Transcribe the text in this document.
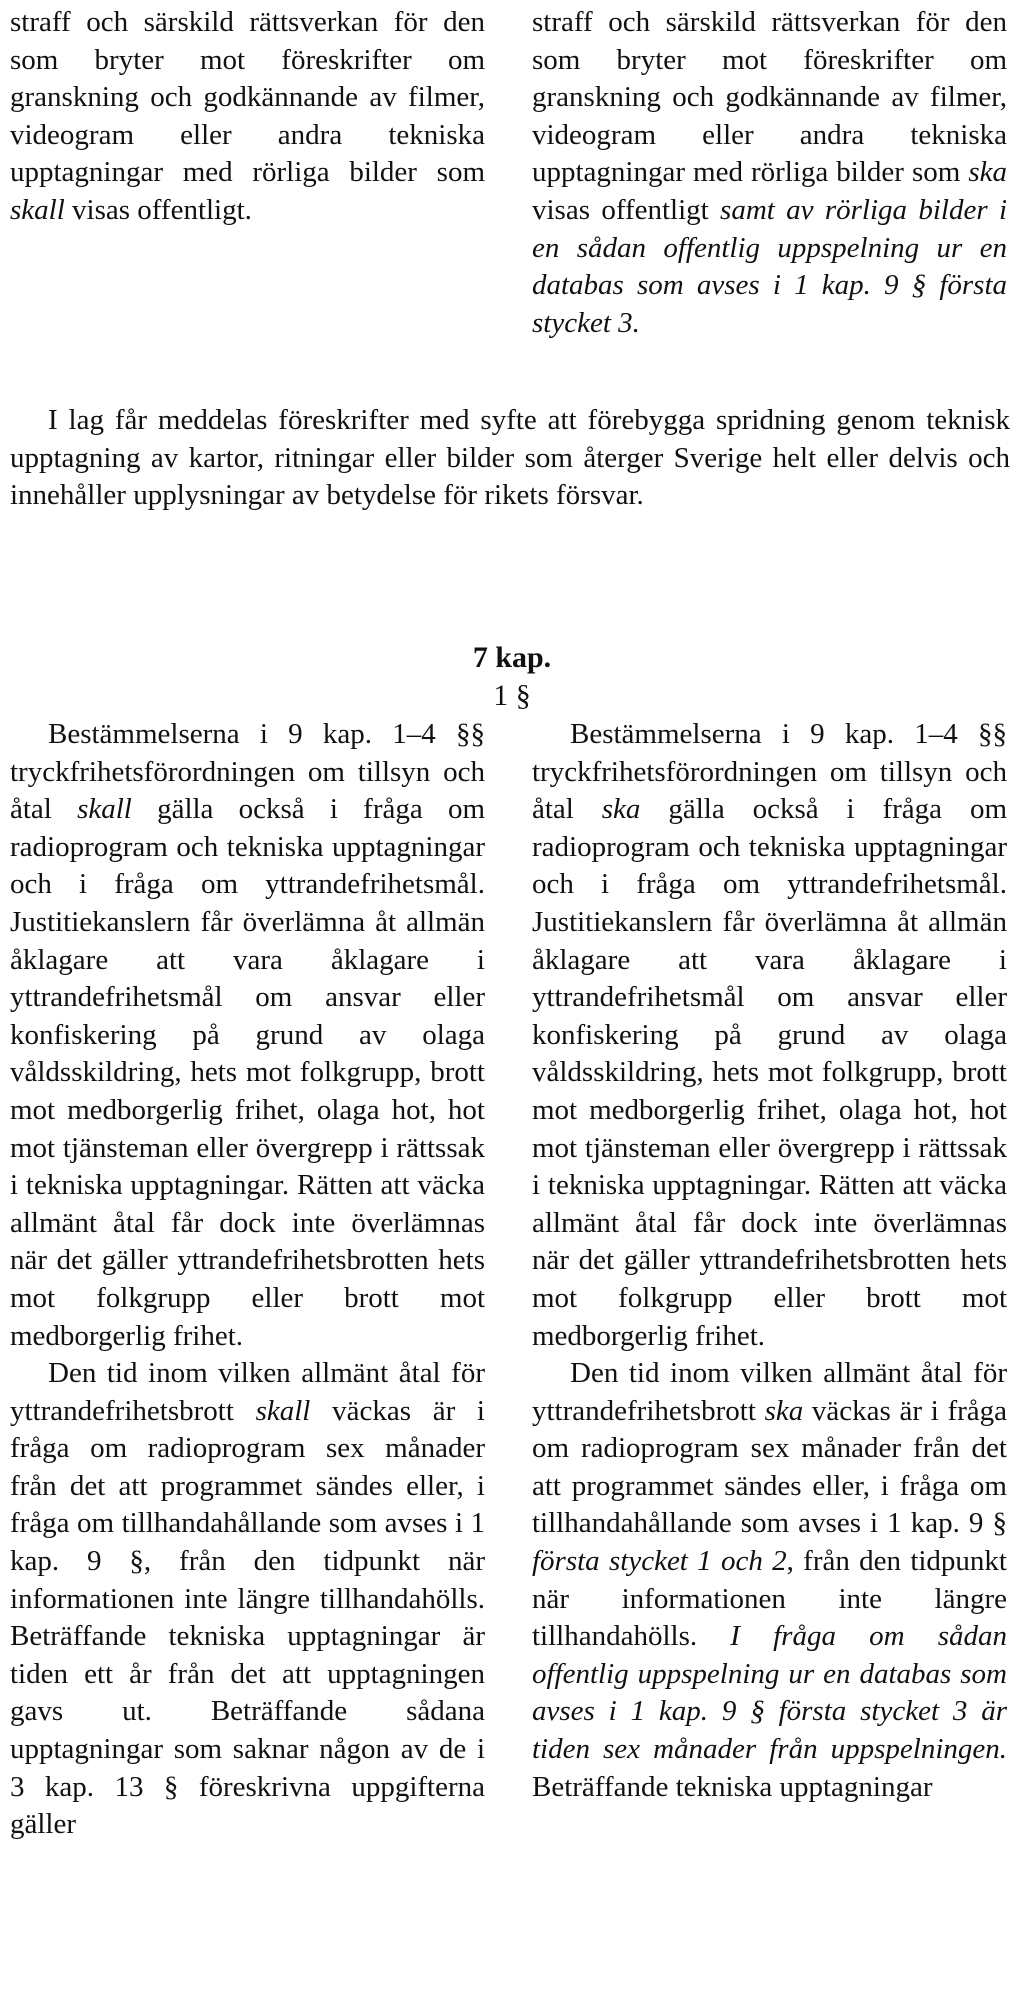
straff och särskild rättsverkan för den som bryter mot föreskrifter om granskning och godkännande av filmer, videogram eller andra tekniska upptagningar med rörliga bilder som skall visas offentligt.

straff och särskild rättsverkan för den som bryter mot föreskrifter om granskning och godkännande av filmer, videogram eller andra tekniska upptagningar med rörliga bilder som ska visas offentligt samt av rörliga bilder i en sådan offentlig uppspelning ur en databas som avses i 1 kap. 9 § första stycket 3.

I lag får meddelas föreskrifter med syfte att förebygga spridning genom teknisk upptagning av kartor, ritningar eller bilder som återger Sverige helt eller delvis och innehåller upplysningar av betydelse för rikets försvar.
7 kap.
1 §

Bestämmelserna i 9 kap. 1–4 §§ tryckfrihetsförordningen om tillsyn och åtal skall gälla också i fråga om radioprogram och tekniska upptagningar och i fråga om yttrandefrihetsmål. Justitiekanslern får överlämna åt allmän åklagare att vara åklagare i yttrandefrihetsmål om ansvar eller konfiskering på grund av olaga våldsskildring, hets mot folkgrupp, brott mot medborgerlig frihet, olaga hot, hot mot tjänsteman eller övergrepp i rättssak i tekniska upptagningar. Rätten att väcka allmänt åtal får dock inte överlämnas när det gäller yttrandefrihetsbrotten hets mot folkgrupp eller brott mot medborgerlig frihet.

Den tid inom vilken allmänt åtal för yttrandefrihetsbrott skall väckas är i fråga om radioprogram sex månader från det att programmet sändes eller, i fråga om tillhandahållande som avses i 1 kap. 9 §, från den tidpunkt när informationen inte längre tillhandahölls. Beträffande tekniska upptagningar är tiden ett år från det att upptagningen gavs ut. Beträffande sådana upptagningar som saknar någon av de i 3 kap. 13 § föreskrivna uppgifterna gäller

Bestämmelserna i 9 kap. 1–4 §§ tryckfrihetsförordningen om tillsyn och åtal ska gälla också i fråga om radioprogram och tekniska upptagningar och i fråga om yttrandefrihetsmål. Justitiekanslern får överlämna åt allmän åklagare att vara åklagare i yttrandefrihetsmål om ansvar eller konfiskering på grund av olaga våldsskildring, hets mot folkgrupp, brott mot medborgerlig frihet, olaga hot, hot mot tjänsteman eller övergrepp i rättssak i tekniska upptagningar. Rätten att väcka allmänt åtal får dock inte överlämnas när det gäller yttrandefrihetsbrotten hets mot folkgrupp eller brott mot medborgerlig frihet.

Den tid inom vilken allmänt åtal för yttrandefrihetsbrott ska väckas är i fråga om radioprogram sex månader från det att programmet sändes eller, i fråga om tillhandahållande som avses i 1 kap. 9 § första stycket 1 och 2, från den tidpunkt när informationen inte längre tillhandahölls. I fråga om sådan offentlig uppspelning ur en databas som avses i 1 kap. 9 § första stycket 3 är tiden sex månader från uppspelningen. Beträffande tekniska upptagningar
